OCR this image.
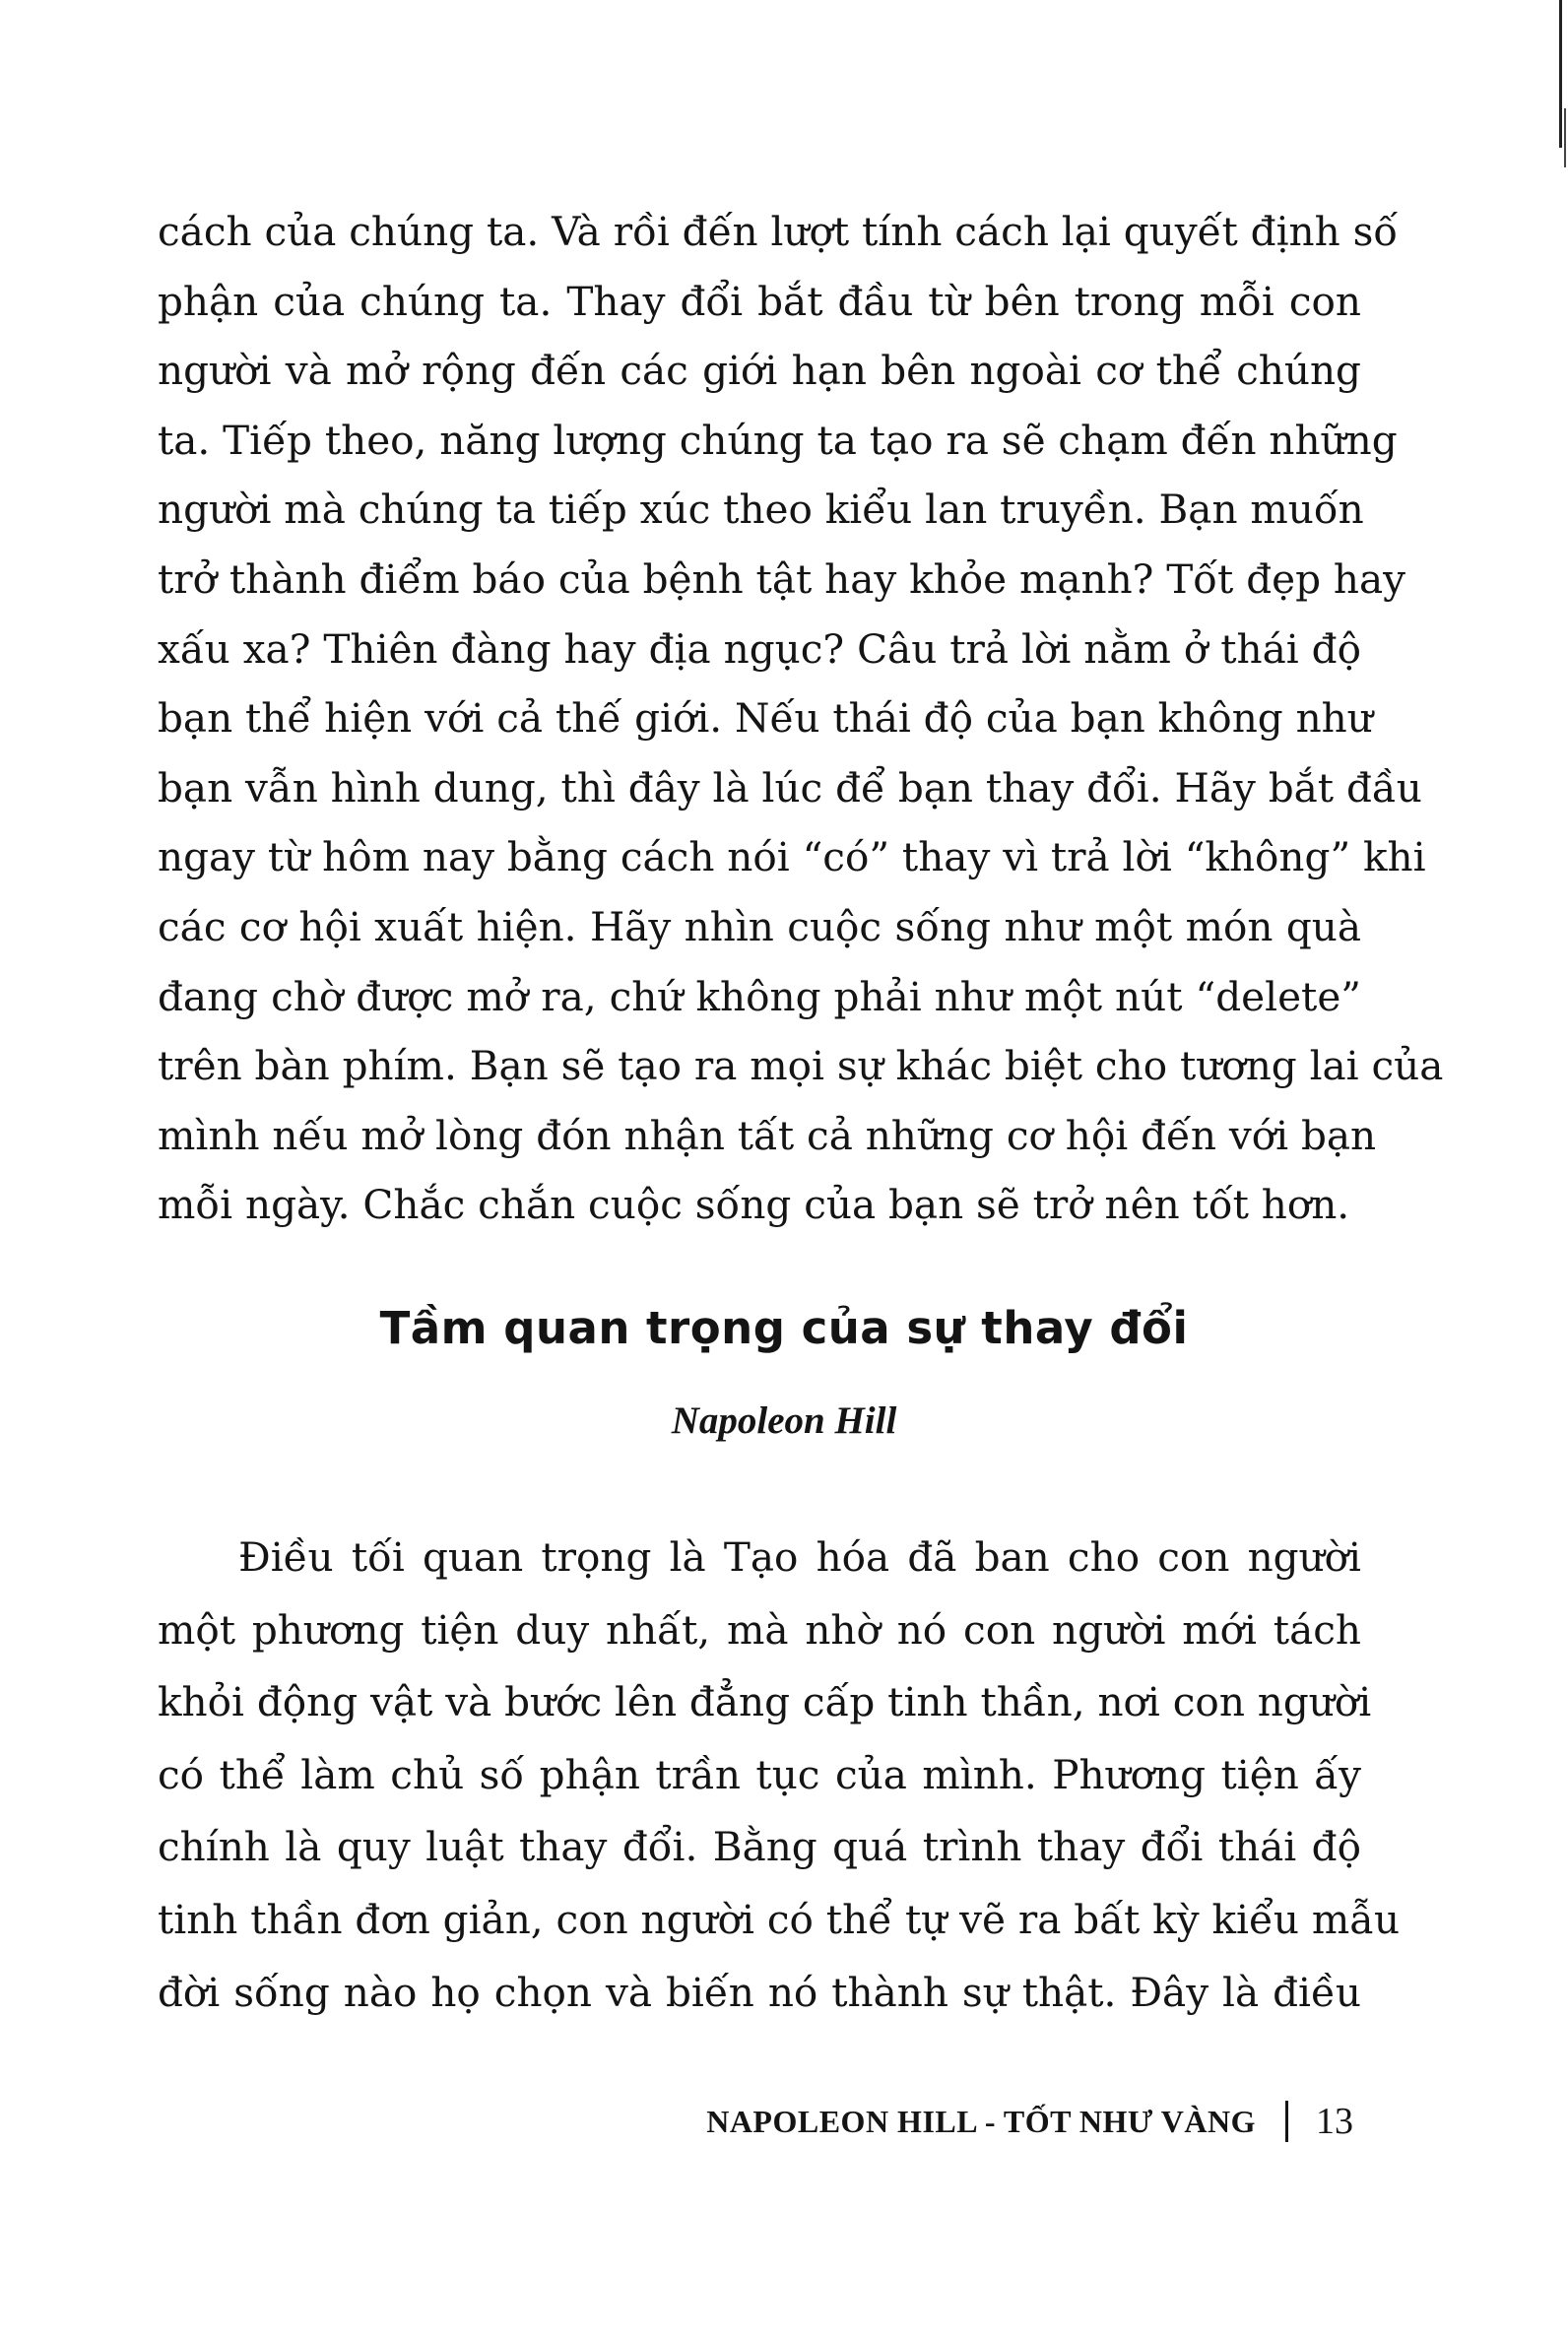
cách của chúng ta. Và rồi đến lượt tính cách lại quyết định số
phận của chúng ta. Thay đổi bắt đầu từ bên trong mỗi con
người và mở rộng đến các giới hạn bên ngoài cơ thể chúng
ta. Tiếp theo, năng lượng chúng ta tạo ra sẽ chạm đến những
người mà chúng ta tiếp xúc theo kiểu lan truyền. Bạn muốn
trở thành điểm báo của bệnh tật hay khỏe mạnh? Tốt đẹp hay
xấu xa? Thiên đàng hay địa ngục? Câu trả lời nằm ở thái độ
bạn thể hiện với cả thế giới. Nếu thái độ của bạn không như
bạn vẫn hình dung, thì đây là lúc để bạn thay đổi. Hãy bắt đầu
ngay từ hôm nay bằng cách nói “có” thay vì trả lời “không” khi
các cơ hội xuất hiện. Hãy nhìn cuộc sống như một món quà
đang chờ được mở ra, chứ không phải như một nút “delete”
trên bàn phím. Bạn sẽ tạo ra mọi sự khác biệt cho tương lai của
mình nếu mở lòng đón nhận tất cả những cơ hội đến với bạn
mỗi ngày. Chắc chắn cuộc sống của bạn sẽ trở nên tốt hơn.
Tầm quan trọng của sự thay đổi

Napoleon Hill

Điều tối quan trọng là Tạo hóa đã ban cho con người
một phương tiện duy nhất, mà nhờ nó con người mới tách
khỏi động vật và bước lên đẳng cấp tinh thần, nơi con người
có thể làm chủ số phận trần tục của mình. Phương tiện ấy
chính là quy luật thay đổi. Bằng quá trình thay đổi thái độ
tinh thần đơn giản, con người có thể tự vẽ ra bất kỳ kiểu mẫu
đời sống nào họ chọn và biến nó thành sự thật. Đây là điều
NAPOLEON HILL - TỐT NHƯ VÀNG 13
